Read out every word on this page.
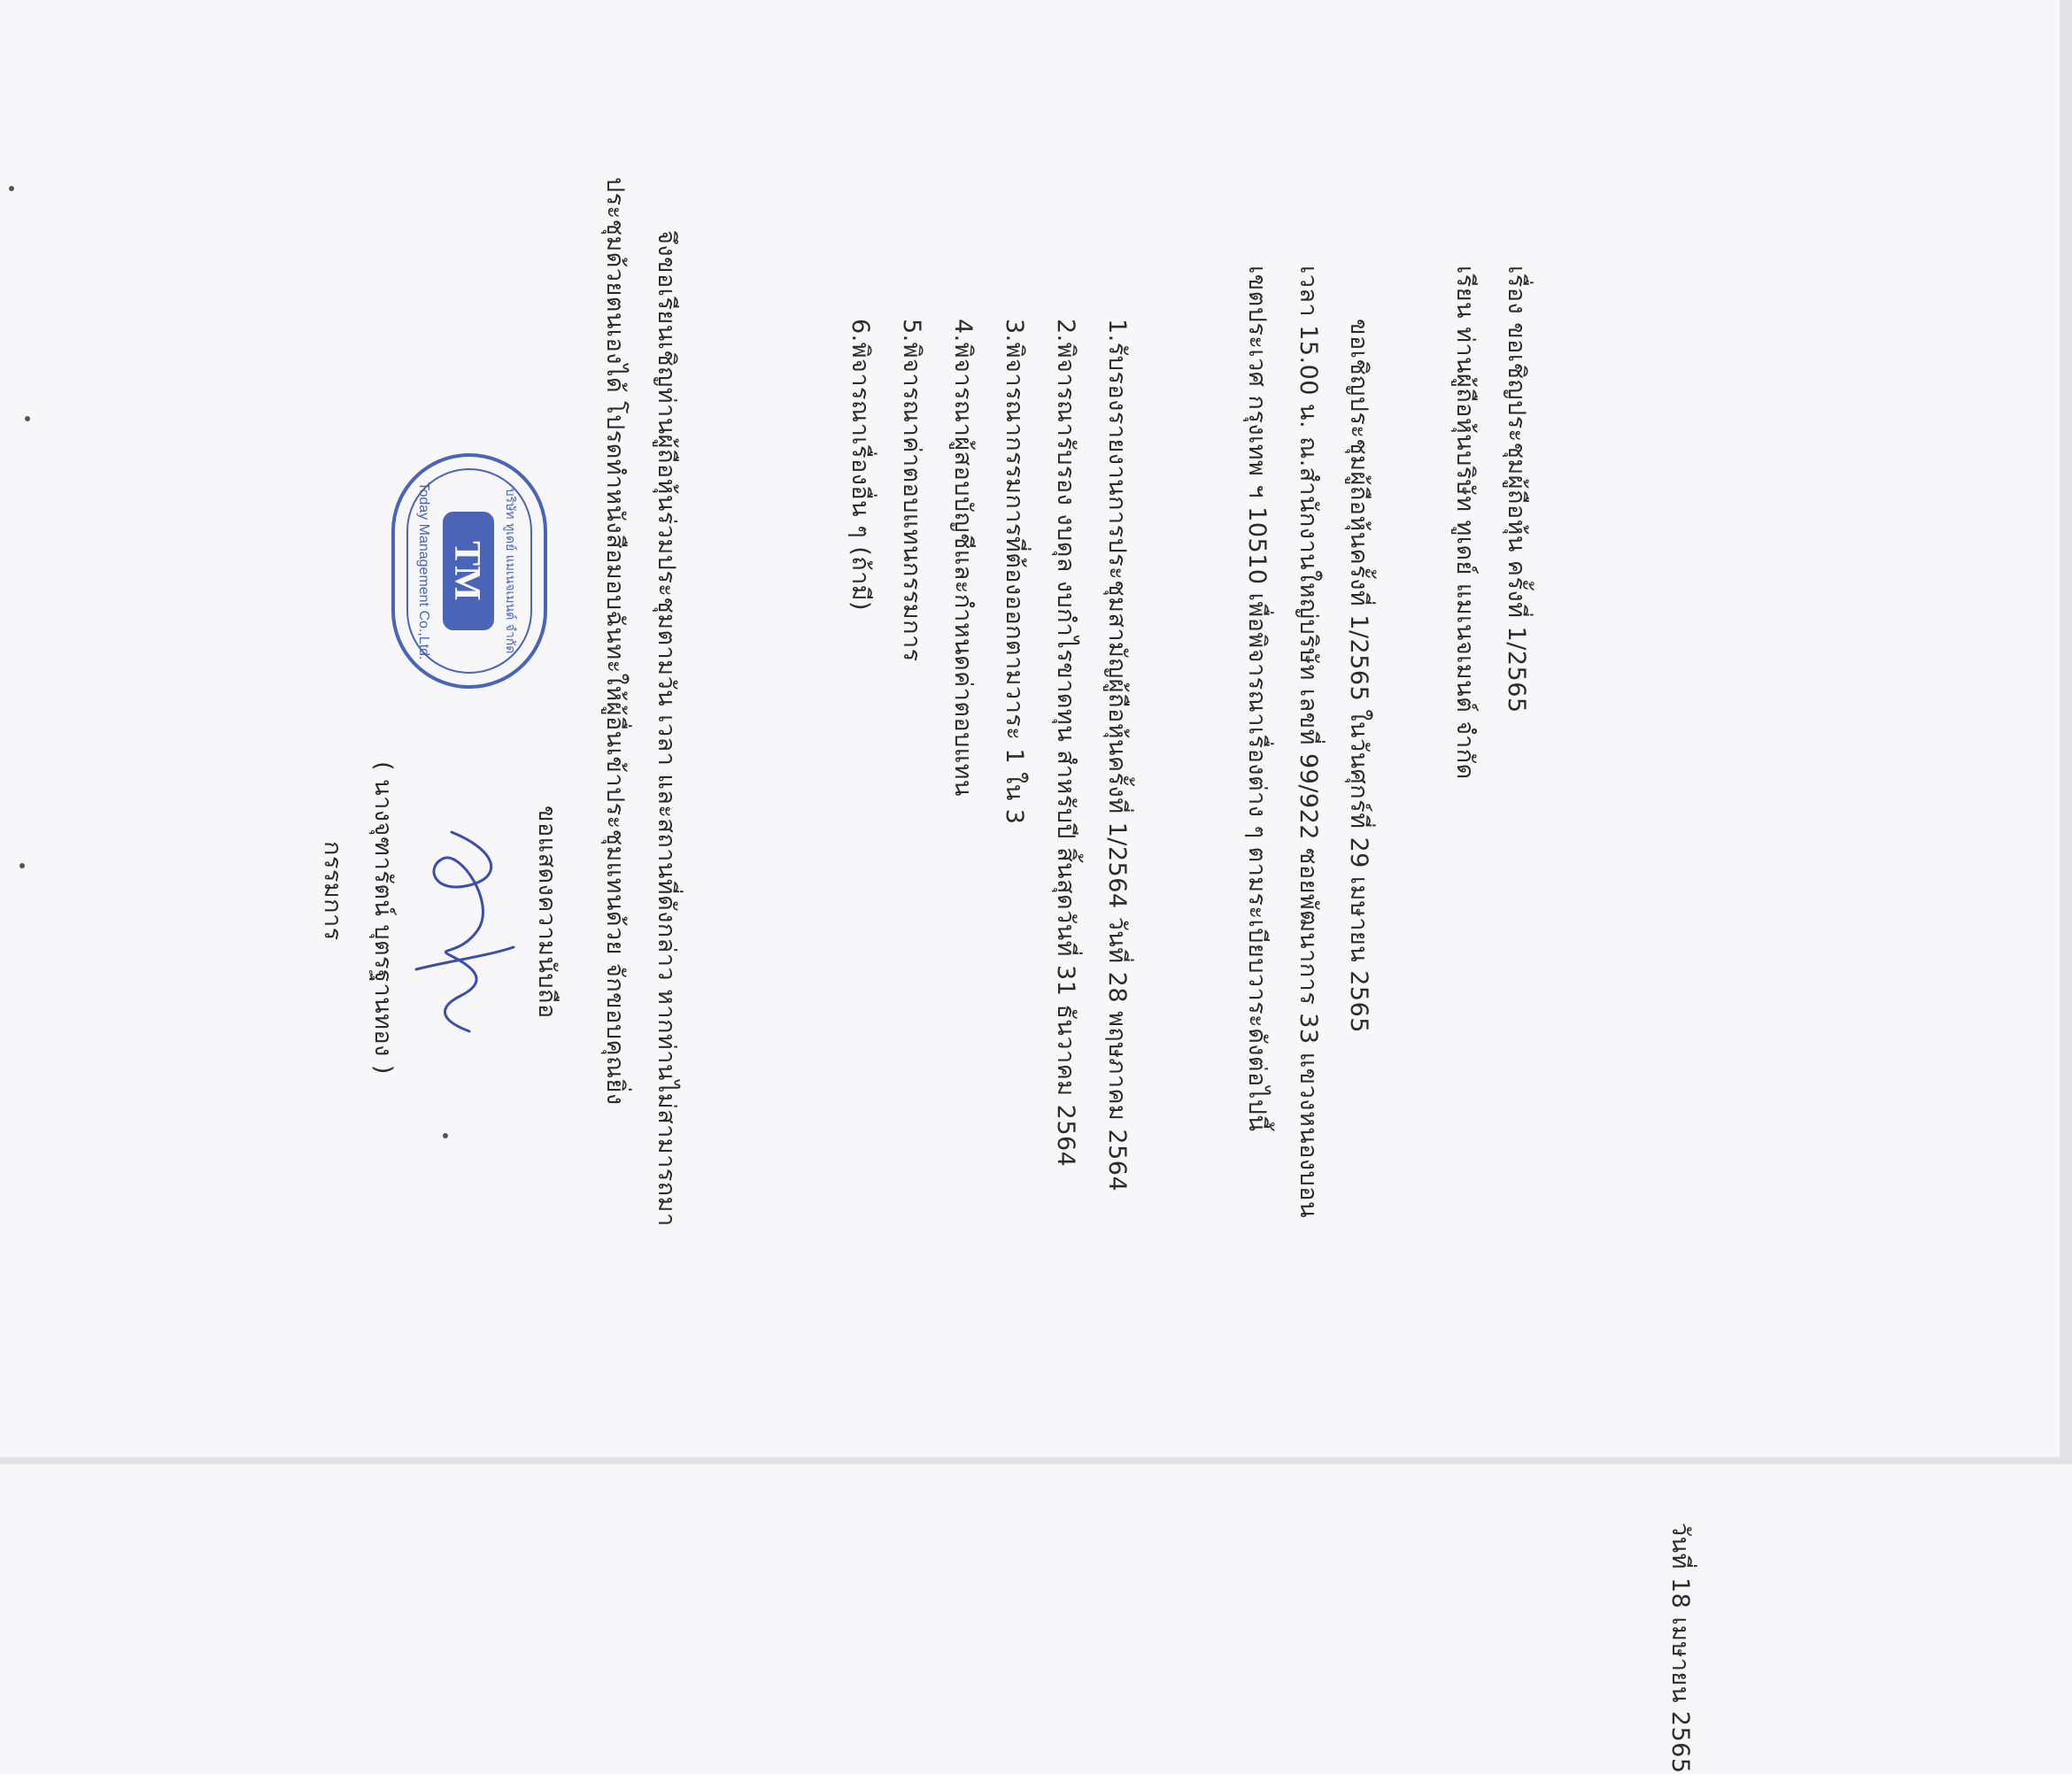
วันที่ 18 เมษายน 2565
เรื่อง ขอเชิญประชุมผู้ถือหุ้น ครั้งที่ 1/2565
เรียน ท่านผู้ถือหุ้นบริษัท ทูเดย์ แมเนจเมนต์ จำกัด
ขอเชิญประชุมผู้ถือหุ้นครั้งที่ 1/2565 ในวันศุกร์ที่ 29 เมษายน 2565
เวลา 15.00 น. ณ.สำนักงานใหญ่บริษัท เลขที่ 99/922 ซอยพัฒนาการ 33 แขวงหนองบอน
เขตประเวศ กรุงเทพ ฯ 10510 เพื่อพิจารณาเรื่องต่าง ๆ ตามระเบียบวาระดังต่อไปนี้
1.รับรองรายงานการประชุมสามัญผู้ถือหุ้นครั้งที่ 1/2564 วันที่ 28 พฤษภาคม 2564
2.พิจารณารับรอง งบดุล งบกำไรขาดทุน สำหรับปี สิ้นสุดวันที่ 31 ธันวาคม 2564
3.พิจารณากรรมการที่ต้องออกตามวาระ 1 ใน 3
4.พิจารณาผู้สอบบัญชีและกำหนดค่าตอบแทน
5.พิจารณาค่าตอบแทนกรรมการ
6.พิจารณาเรื่องอื่น ๆ (ถ้ามี)
จึงขอเรียนเชิญท่านผู้ถือหุ้นร่วมประชุมตามวัน เวลา และสถานที่ดังกล่าว หากท่านไม่สามารถมา
ประชุมด้วยตนเองได้ โปรดทำหนังสือมอบฉันทะให้ผู้อื่นเข้าประชุมแทนด้วย จักขอบคุณยิ่ง
ขอแสดงความนับถือ
( นางจุฑารัตน์ บุตรฐานทอง )
กรรมการ
TM บริษัท ทูเดย์ แมเนจเมนต์ จำกัด
Today Management Co.,Ltd.
